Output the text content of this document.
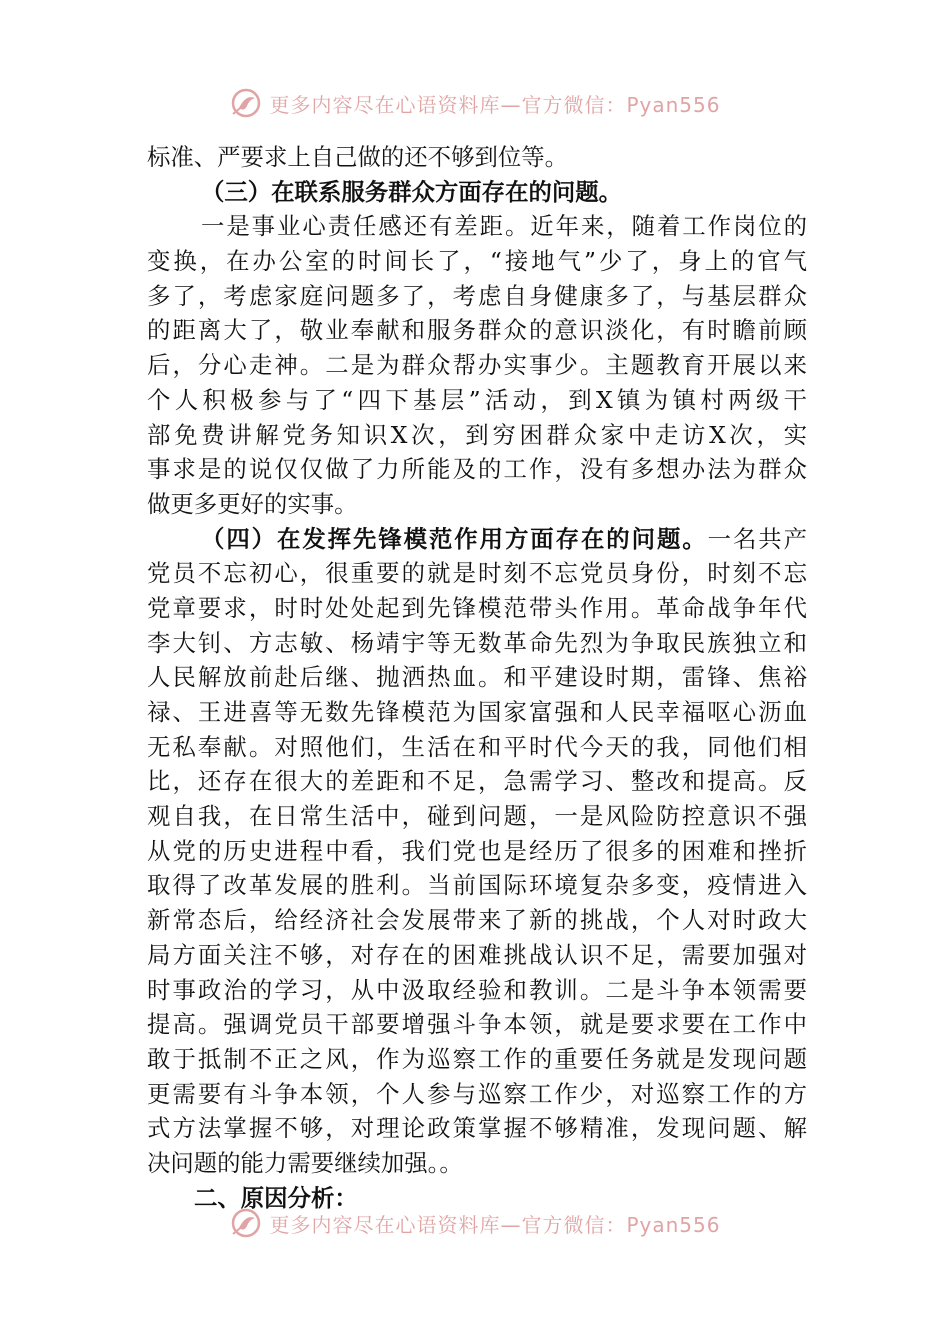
更多内容尽在心语资料库—官方微信：Pyan556
标准、严要求上自己做的还不够到位等。
（三）在联系服务群众方面存在的问题。
一是事业心责任感还有差距。近年来，随着工作岗位的
变换，在办公室的时间长了，“接地气”少了，身上的官气
多了，考虑家庭问题多了，考虑自身健康多了，与基层群众
的距离大了，敬业奉献和服务群众的意识淡化，有时瞻前顾
后，分心走神。二是为群众帮办实事少。主题教育开展以来
个人积极参与了“四下基层”活动，到X镇为镇村两级干
部免费讲解党务知识X次，到穷困群众家中走访X次，实
事求是的说仅仅做了力所能及的工作，没有多想办法为群众
做更多更好的实事。
（四）在发挥先锋模范作用方面存在的问题。一名共产
党员不忘初心，很重要的就是时刻不忘党员身份，时刻不忘
党章要求，时时处处起到先锋模范带头作用。革命战争年代
李大钊、方志敏、杨靖宇等无数革命先烈为争取民族独立和
人民解放前赴后继、抛洒热血。和平建设时期，雷锋、焦裕
禄、王进喜等无数先锋模范为国家富强和人民幸福呕心沥血
无私奉献。对照他们，生活在和平时代今天的我，同他们相
比，还存在很大的差距和不足，急需学习、整改和提高。反
观自我，在日常生活中，碰到问题，一是风险防控意识不强
从党的历史进程中看，我们党也是经历了很多的困难和挫折
取得了改革发展的胜利。当前国际环境复杂多变，疫情进入
新常态后，给经济社会发展带来了新的挑战，个人对时政大
局方面关注不够，对存在的困难挑战认识不足，需要加强对
时事政治的学习，从中汲取经验和教训。二是斗争本领需要
提高。强调党员干部要增强斗争本领，就是要求要在工作中
敢于抵制不正之风，作为巡察工作的重要任务就是发现问题
更需要有斗争本领，个人参与巡察工作少，对巡察工作的方
式方法掌握不够，对理论政策掌握不够精准，发现问题、解
决问题的能力需要继续加强。。
二、原因分析：
更多内容尽在心语资料库—官方微信：Pyan556
